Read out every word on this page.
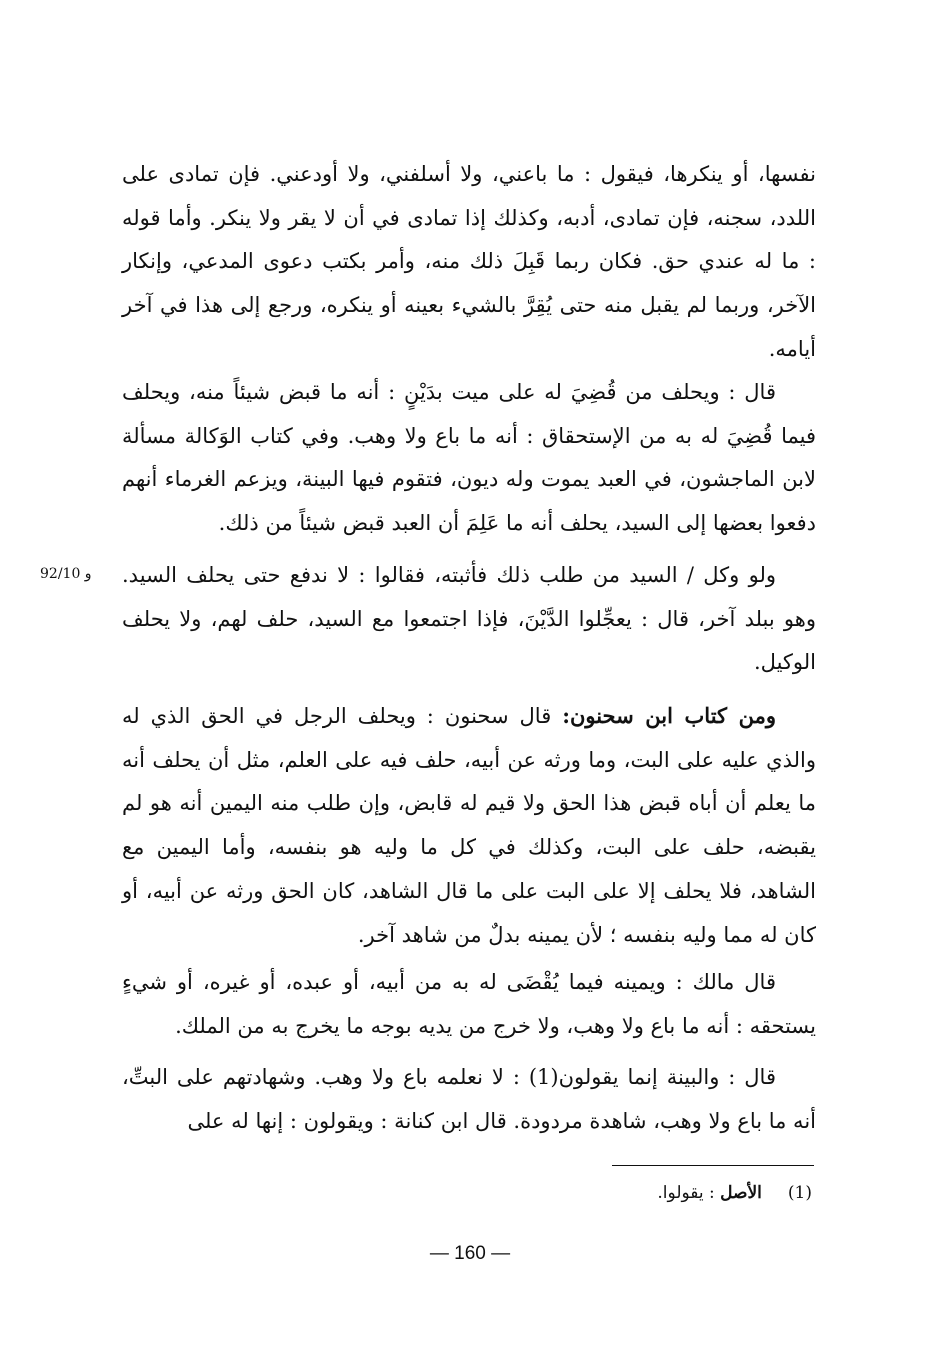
نفسها، أو ينكرها، فيقول : ما باعني، ولا أسلفني، ولا أودعني. فإن تمادى على اللدد، سجنه، فإن تمادى، أدبه، وكذلك إذا تمادى في أن لا يقر ولا ينكر. وأما قوله : ما له عندي حق. فكان ربما قَبِلَ ذلك منه، وأمر بكتب دعوى المدعي، وإنكار الآخر، وربما لم يقبل منه حتى يُقِرَّ بالشيء بعينه أو ينكره، ورجع إلى هذا في آخر أيامه.

قال : ويحلف من قُضِيَ له على ميت بدَيْنٍ : أنه ما قبض شيئاً منه، ويحلف فيما قُضِيَ له به من الإستحقاق : أنه ما باع ولا وهب. وفي كتاب الوَكالة مسألة لابن الماجشون، في العبد يموت وله ديون، فتقوم فيها البينة، ويزعم الغرماء أنهم دفعوا بعضها إلى السيد، يحلف أنه ما عَلِمَ أن العبد قبض شيئاً من ذلك.

92/10 و ولو وكل / السيد من طلب ذلك فأثبته، فقالوا : لا ندفع حتى يحلف السيد. وهو ببلد آخر، قال : يعجِّلوا الدَّيْنَ، فإذا اجتمعوا مع السيد، حلف لهم، ولا يحلف الوكيل.

ومن كتاب ابن سحنون: قال سحنون : ويحلف الرجل في الحق الذي له والذي عليه على البت، وما ورثه عن أبيه، حلف فيه على العلم، مثل أن يحلف أنه ما يعلم أن أباه قبض هذا الحق ولا قيم له قابض، وإن طلب منه اليمين أنه هو لم يقبضه، حلف على البت، وكذلك في كل ما وليه هو بنفسه، وأما اليمين مع الشاهد، فلا يحلف إلا على البت على ما قال الشاهد، كان الحق ورثه عن أبيه، أو كان له مما وليه بنفسه ؛ لأن يمينه بدلٌ من شاهد آخر.

قال مالك : ويمينه فيما يُقْضَى له به من أبيه، أو عبده، أو غيره، أو شيءٍ يستحقه : أنه ما باع ولا وهب، ولا خرج من يديه بوجه ما يخرج به من الملك.

قال : والبينة إنما يقولون(1) : لا نعلمه باع ولا وهب. وشهادتهم على البتِّ، أنه ما باع ولا وهب، شاهدة مردودة. قال ابن كنانة : ويقولون : إنها له على

(1)الأصل : يقولوا.
— 160 —
